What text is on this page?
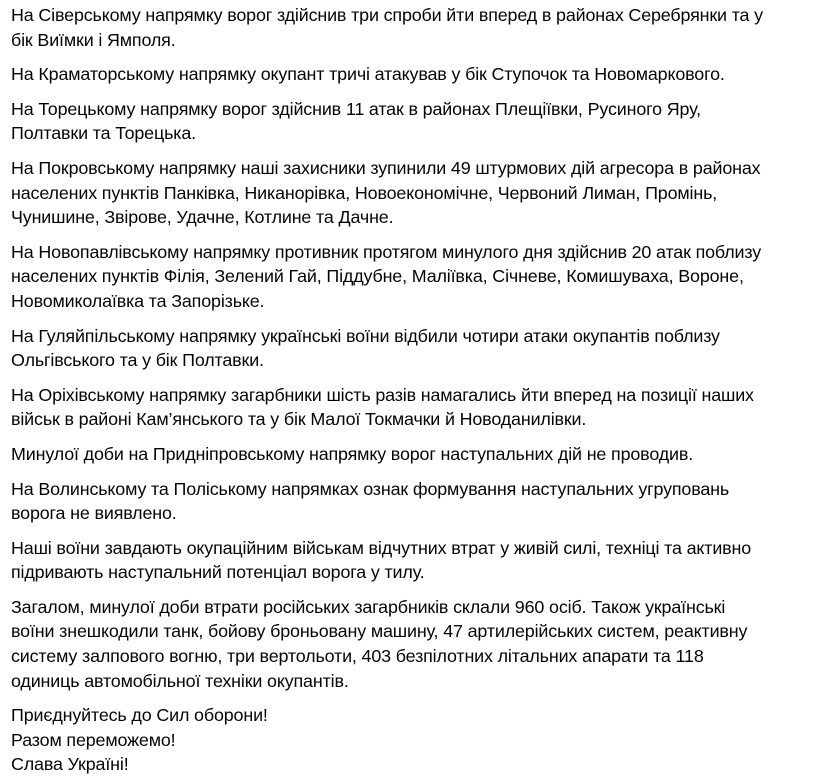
На Сіверському напрямку ворог здійснив три спроби йти вперед в районах Серебрянки та у
бік Виїмки і Ямполя.

На Краматорському напрямку окупант тричі атакував у бік Ступочок та Новомаркового.

На Торецькому напрямку ворог здійснив 11 атак в районах Плещіївки, Русиного Яру,
Полтавки та Торецька.

На Покровському напрямку наші захисники зупинили 49 штурмових дій агресора в районах
населених пунктів Панківка, Никанорівка, Новоекономічне, Червоний Лиман, Промінь,
Чунишине, Звірове, Удачне, Котлине та Дачне.

На Новопавлівському напрямку противник протягом минулого дня здійснив 20 атак поблизу
населених пунктів Філія, Зелений Гай, Піддубне, Маліївка, Січневе, Комишуваха, Вороне,
Новомиколаївка та Запорізьке.

На Гуляйпільському напрямку українські воїни відбили чотири атаки окупантів поблизу
Ольгівського та у бік Полтавки.

На Оріхівському напрямку загарбники шість разів намагались йти вперед на позиції наших
військ в районі Кам’янського та у бік Малої Токмачки й Новоданилівки.

Минулої доби на Придніпровському напрямку ворог наступальних дій не проводив.

На Волинському та Поліському напрямках ознак формування наступальних угруповань
ворога не виявлено.

Наші воїни завдають окупаційним військам відчутних втрат у живій силі, техніці та активно
підривають наступальний потенціал ворога у тилу.

Загалом, минулої доби втрати російських загарбників склали 960 осіб. Також українські
воїни знешкодили танк, бойову броньовану машину, 47 артилерійських систем, реактивну
систему залпового вогню, три вертольоти, 403 безпілотних літальних апарати та 118
одиниць автомобільної техніки окупантів.

Приєднуйтесь до Сил оборони!
Разом переможемо!
Слава Україні!
